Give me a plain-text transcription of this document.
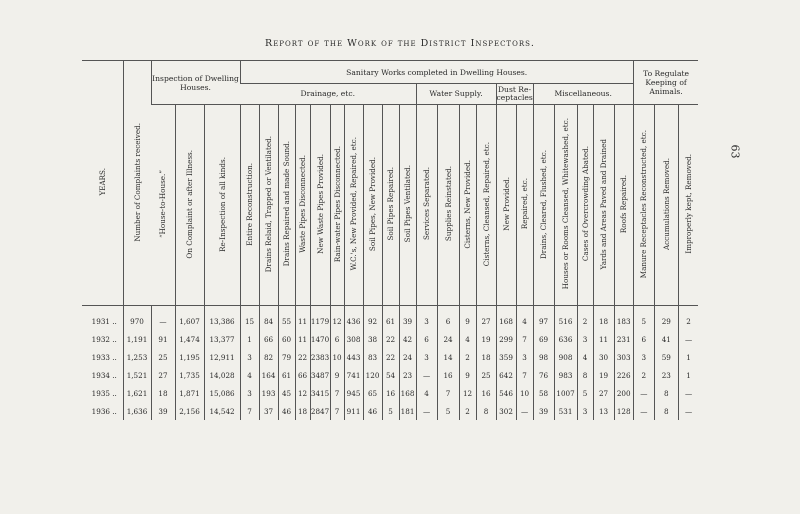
63
Report of the Work of the District Inspectors.
YEARS.	Number of Complaints received.	Inspection of Dwelling Houses.			Sanitary Works completed in Dwelling Houses.																					To Regulate Keeping of Animals.		
					Drainage, etc.										Water Supply.				Dust Re-ceptacles		Miscellaneous.							
		“House-to-House.”	On Complaint or after Illness.	Re-Inspection of all kinds.	Entire Reconstruction.	Drains Relaid, Trapped or Ventilated.	Drains Repaired and made Sound.	Waste Pipes Disconnected.	New Waste Pipes Provided.	Rain-water Pipes Disconnected.	W.C.'s, New Provided, Repaired, etc.	Soil Pipes, New Provided.	Soil Pipes Repaired.	Soil Pipes Ventilated.	Services Separated.	Supplies Reinstated.	Cisterns, New Provided.	Cisterns, Cleansed, Repaired, etc.	New Provided.	Repaired, etc.	Drains, Cleared, Flushed, etc.	Houses or Rooms Cleansed, Whitewashed, etc.	Cases of Overcrowding Abated.	Yards and Areas Paved and Drained	Roofs Repaired.	Manure Receptacles Reconstructed, etc.	Accumulations Removed.	Improperly kept, Removed.
1931 ..	970	—	1,607	13,386	15	84	55	11	1179	12	436	92	61	39	3	6	9	27	168	4	97	516	2	18	183	5	29	2
1932 ..	1,191	91	1,474	13,377	1	66	60	11	1470	6	308	38	22	42	6	24	4	19	299	7	69	636	3	11	231	6	41	—
1933 ..	1,253	25	1,195	12,911	3	82	79	22	2383	10	443	83	22	24	3	14	2	18	359	3	98	908	4	30	303	3	59	1
1934 ..	1,521	27	1,735	14,028	4	164	61	66	3487	9	741	120	54	23	—	16	9	25	642	7	76	983	8	19	226	2	23	1
1935 ..	1,621	18	1,871	15,086	3	193	45	12	3415	7	945	65	16	168	4	7	12	16	546	10	58	1007	5	27	200	—	8	—
1936 ..	1,636	39	2,156	14,542	7	37	46	18	2847	7	911	46	5	181	—	5	2	8	302	—	39	531	3	13	128	—	8	—
